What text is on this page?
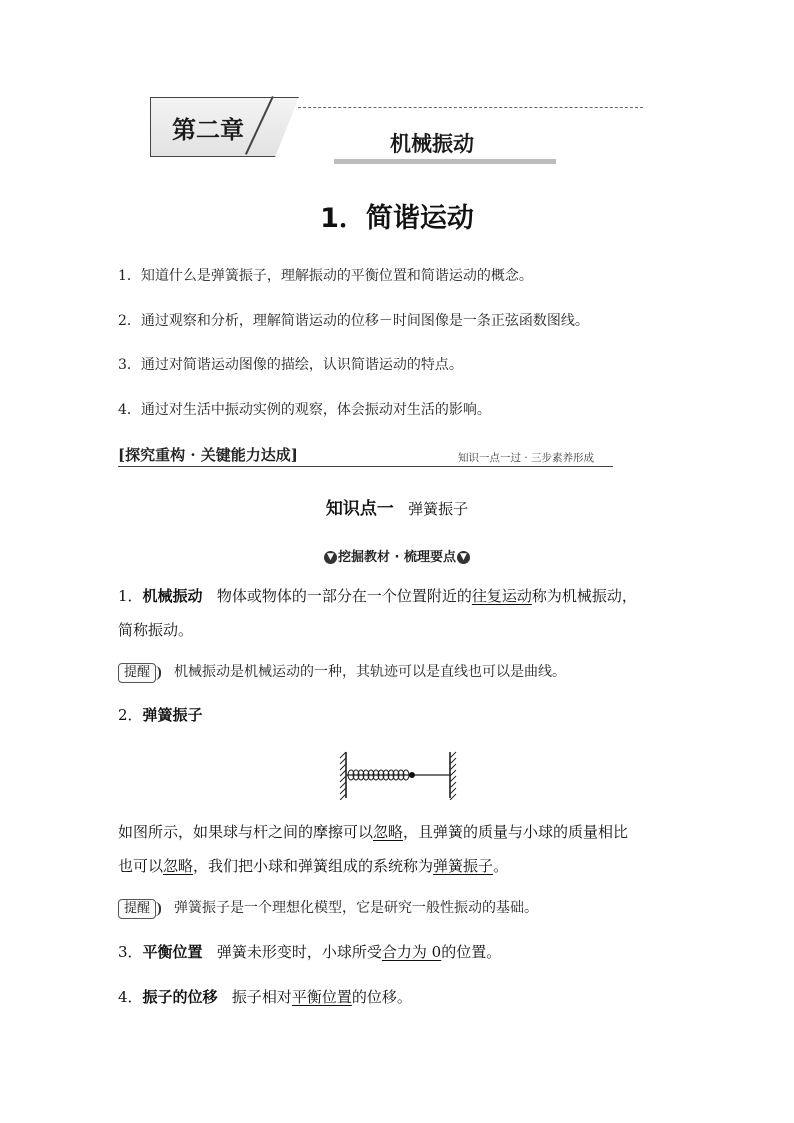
第二章	机械振动
1．简谐运动
1．知道什么是弹簧振子，理解振动的平衡位置和简谐运动的概念。
2．通过观察和分析，理解简谐运动的位移－时间图像是一条正弦函数图线。
3．通过对简谐运动图像的描绘，认识简谐运动的特点。
4．通过对生活中振动实例的观察，体会振动对生活的影响。
[探究重构 · 关键能力达成]	知识一点一过 · 三步素养形成
知识点一 弹簧振子
▼ 挖掘教材 · 梳理要点 ▼
1．机械振动 物体或物体的一部分在一个位置附近的往复运动称为机械振动，
简称振动。
提醒 机械振动是机械运动的一种，其轨迹可以是直线也可以是曲线。
2．弹簧振子
如图所示，如果球与杆之间的摩擦可以忽略，且弹簧的质量与小球的质量相比
也可以忽略，我们把小球和弹簧组成的系统称为弹簧振子。
提醒 弹簧振子是一个理想化模型，它是研究一般性振动的基础。
3．平衡位置 弹簧未形变时，小球所受合力为 0的位置。
4．振子的位移 振子相对平衡位置的位移。
